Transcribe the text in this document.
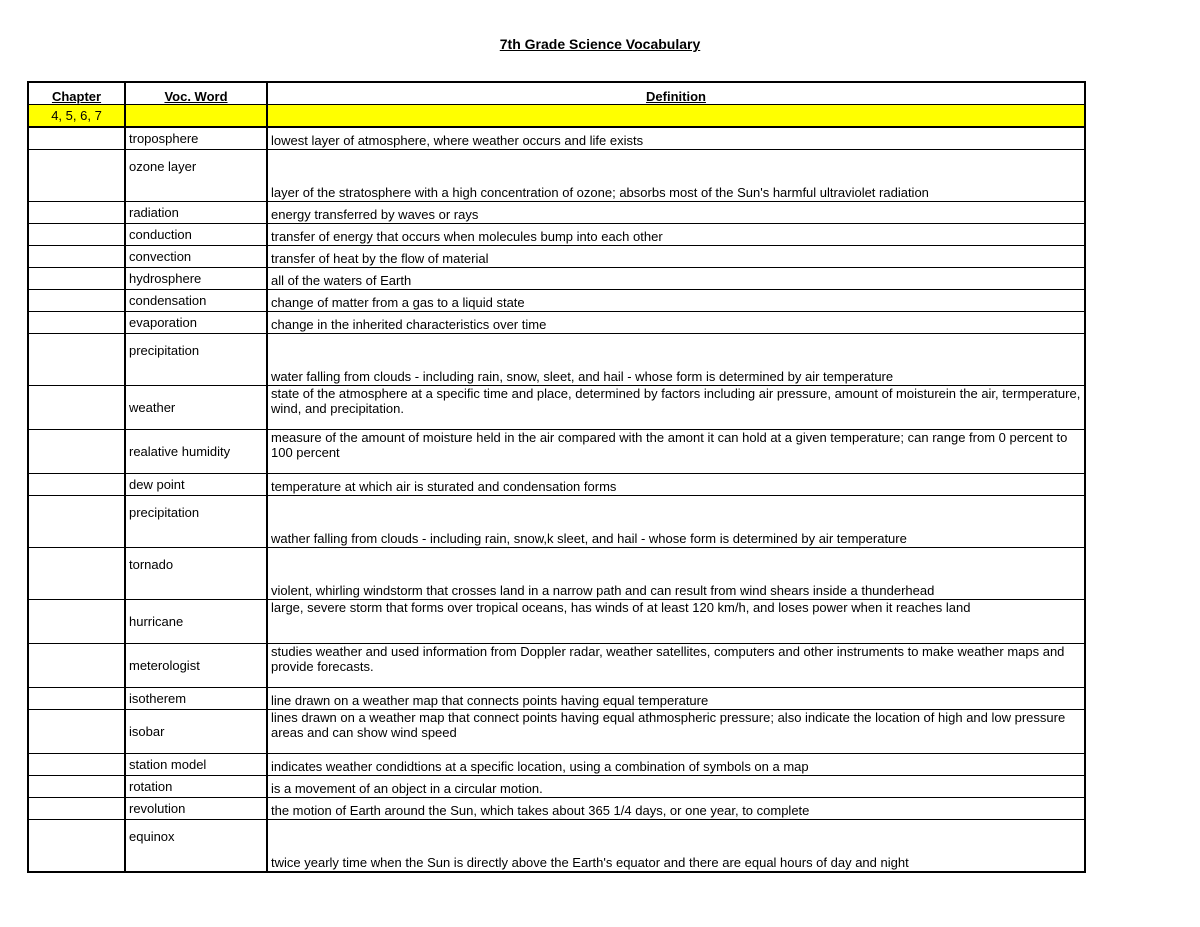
7th Grade Science Vocabulary
Chapter	Voc. Word	Definition
4, 5, 6, 7		
	troposphere	lowest layer of atmosphere, where weather occurs and life exists
	ozone layer	layer of the stratosphere with a high concentration of ozone; absorbs most of the Sun's harmful ultraviolet radiation
	radiation	energy transferred by waves or rays
	conduction	transfer of energy that occurs when molecules bump into each other
	convection	transfer of heat by the flow of material
	hydrosphere	all of the waters of Earth
	condensation	change of matter from a gas to a liquid state
	evaporation	change in the inherited characteristics over time
	precipitation	water falling from clouds - including rain, snow, sleet, and hail - whose form is determined by air temperature
	weather	state of the atmosphere at a specific time and place, determined by factors including air pressure, amount of moisturein the air, termperature, wind, and precipitation.
	realative humidity	measure of the amount of moisture held in the air compared with the amont it can hold at a given temperature; can range from 0 percent to 100 percent
	dew point	temperature at which air is sturated and condensation forms
	precipitation	wather falling from clouds - including rain, snow,k sleet, and hail - whose form is determined by air temperature
	tornado	violent, whirling windstorm that crosses land in a narrow path and can result from wind shears inside a thunderhead
	hurricane	large, severe storm that forms over tropical oceans, has winds of at least 120 km/h, and loses power when it reaches land
	meterologist	studies weather and used information from Doppler radar, weather satellites, computers and other instruments to make weather maps and provide forecasts.
	isotherem	line drawn on a weather map that connects points having equal temperature
	isobar	lines drawn on a weather map that connect points having equal athmospheric pressure; also indicate the location of high and low pressure areas and can show wind speed
	station model	indicates weather condidtions at a specific location, using a combination of symbols on a map
	rotation	is a movement of an object in a circular motion.
	revolution	the motion of Earth around the Sun, which takes about 365 1/4 days, or one year, to complete
	equinox	twice yearly time when the Sun is directly above the Earth's equator and there are equal hours of day and night
